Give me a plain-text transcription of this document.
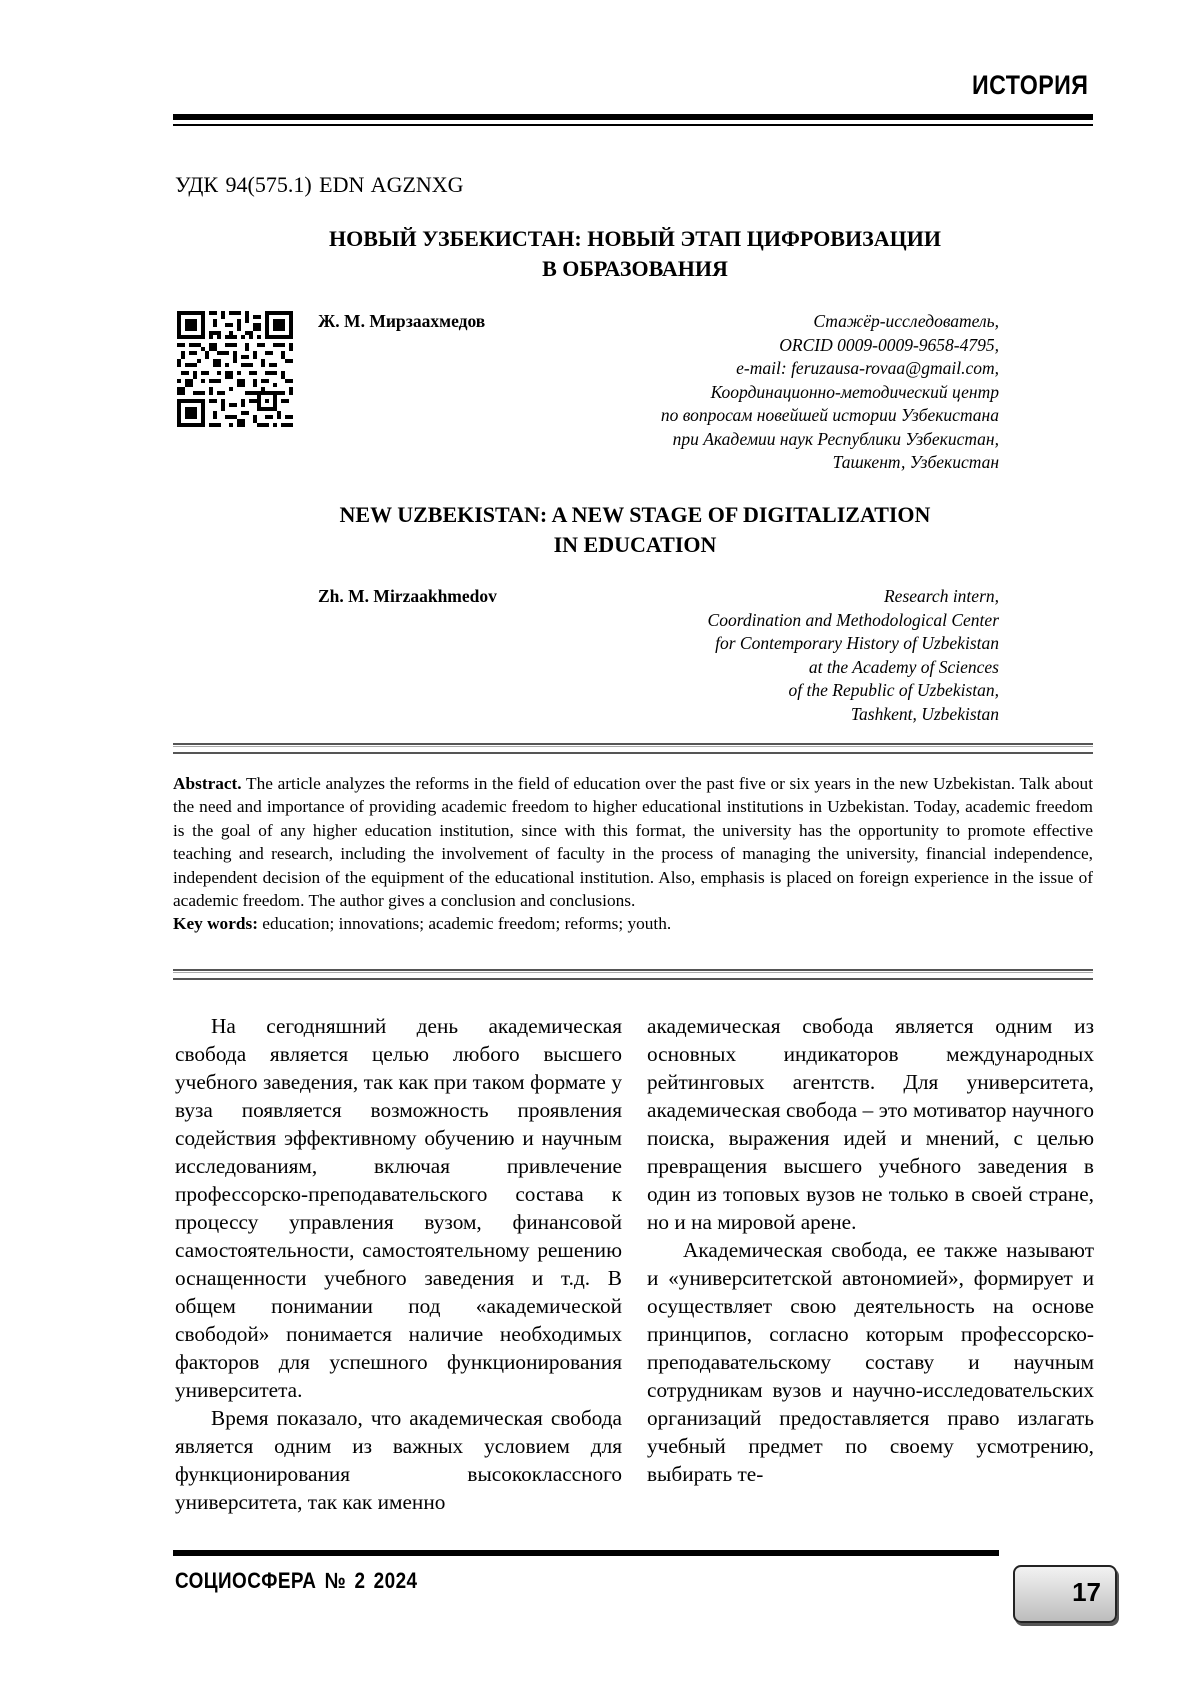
ИСТОРИЯ
УДК 94(575.1) EDN AGZNXG
НОВЫЙ УЗБЕКИСТАН: НОВЫЙ ЭТАП ЦИФРОВИЗАЦИИ
В ОБРАЗОВАНИЯ
Ж. М. Мирзаахмедов	Стажёр-исследователь,
ORCID 0009-0009-9658-4795,
e-mail: feruzausa-rovaa@gmail.com,
Координационно-методический центр
по вопросам новейшей истории Узбекистана
при Академии наук Республики Узбекистан,
Ташкент, Узбекистан
NEW UZBEKISTAN: A NEW STAGE OF DIGITALIZATION
IN EDUCATION
Zh. M. Mirzaakhmedov	Research intern,
Coordination and Methodological Center
for Contemporary History of Uzbekistan
at the Academy of Sciences
of the Republic of Uzbekistan,
Tashkent, Uzbekistan

Abstract. The article analyzes the reforms in the field of education over the past five or six years in the new Uzbekistan. Talk about the need and importance of providing academic freedom to higher educational institutions in Uzbekistan. Today, academic freedom is the goal of any higher education institution, since with this format, the university has the opportunity to promote effective teaching and research, including the involvement of faculty in the process of managing the university, financial independence, independent decision of the equipment of the educational institution. Also, emphasis is placed on foreign experience in the issue of academic freedom. The author gives a conclusion and conclusions.

Key words: education; innovations; academic freedom; reforms; youth.

На сегодняшний день академическая свобода является целью любого высшего учебного заведения, так как при таком формате у вуза появляется возможность проявления содействия эффективному обучению и научным исследованиям, включая привлечение профессорско-преподавательского состава к процессу управления вузом, финансовой самостоятельности, самостоятельному решению оснащенности учебного заведения и т.д. В общем понимании под «академической свободой» понимается наличие необходимых факторов для успешного функционирования университета.

Время показало, что академическая свобода является одним из важных условием для функционирования высококлассного университета, так как именно

академическая свобода является одним из основных индикаторов международных рейтинговых агентств. Для университета, академическая свобода – это мотиватор научного поиска, выражения идей и мнений, с целью превращения высшего учебного заведения в один из топовых вузов не только в своей стране, но и на мировой арене.

Академическая свобода, ее также называют и «университетской автономией», формирует и осуществляет свою деятельность на основе принципов, согласно которым профессорско-преподавательскому составу и научным сотрудникам вузов и научно-исследовательских организаций предоставляется право излагать учебный предмет по своему усмотрению, выбирать те-

СОЦИОСФЕРА № 2 2024	17
